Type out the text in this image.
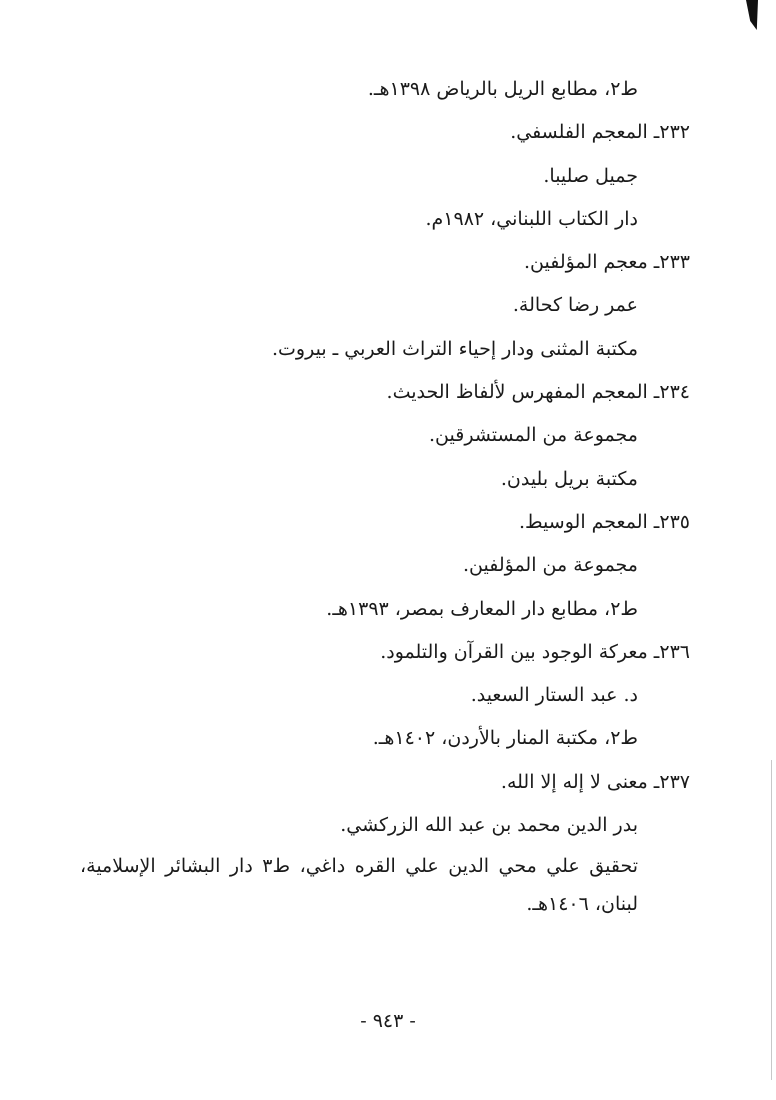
ط٢، مطابع الريل بالرياض ١٣٩٨هـ.
٢٣٢ـ المعجم الفلسفي.
جميل صليبا.
دار الكتاب اللبناني، ١٩٨٢م.
٢٣٣ـ معجم المؤلفين.
عمر رضا كحالة.
مكتبة المثنى ودار إحياء التراث العربي ـ بيروت.
٢٣٤ـ المعجم المفهرس لألفاظ الحديث.
مجموعة من المستشرقين.
مكتبة بريل بليدن.
٢٣٥ـ المعجم الوسيط.
مجموعة من المؤلفين.
ط٢، مطابع دار المعارف بمصر، ١٣٩٣هـ.
٢٣٦ـ معركة الوجود بين القرآن والتلمود.
د. عبد الستار السعيد.
ط٢، مكتبة المنار بالأردن، ١٤٠٢هـ.
٢٣٧ـ معنى لا إله إلا الله.
بدر الدين محمد بن عبد الله الزركشي.
تحقيق علي محي الدين علي القره داغي، ط٣ دار البشائر الإسلامية، لبنان، ١٤٠٦هـ.
- ٩٤٣ -
